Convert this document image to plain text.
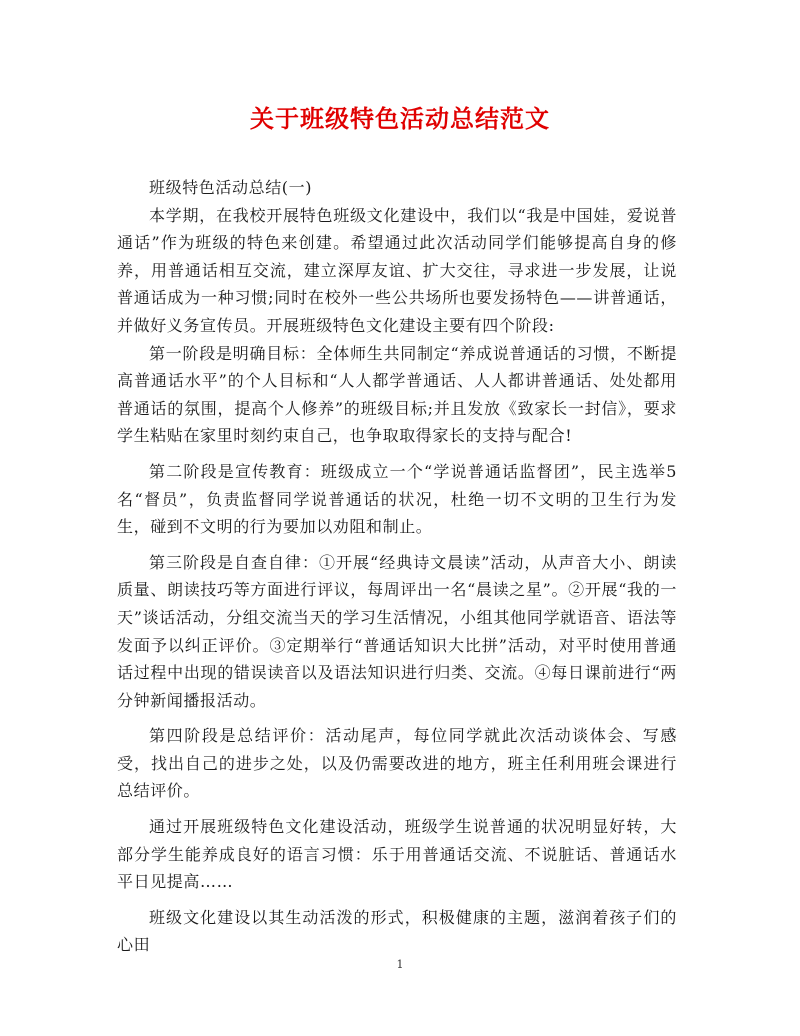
关于班级特色活动总结范文

班级特色活动总结(一)

本学期，在我校开展特色班级文化建设中，我们以“我是中国娃，爱说普通话”作为班级的特色来创建。希望通过此次活动同学们能够提高自身的修养，用普通话相互交流，建立深厚友谊、扩大交往，寻求进一步发展，让说普通话成为一种习惯;同时在校外一些公共场所也要发扬特色——讲普通话，并做好义务宣传员。开展班级特色文化建设主要有四个阶段:

第一阶段是明确目标：全体师生共同制定“养成说普通话的习惯，不断提高普通话水平”的个人目标和“人人都学普通话、人人都讲普通话、处处都用普通话的氛围，提高个人修养”的班级目标;并且发放《致家长一封信》，要求学生粘贴在家里时刻约束自己，也争取取得家长的支持与配合!

第二阶段是宣传教育：班级成立一个“学说普通话监督团”，民主选举5名“督员”，负责监督同学说普通话的状况，杜绝一切不文明的卫生行为发生，碰到不文明的行为要加以劝阻和制止。

第三阶段是自查自律：①开展“经典诗文晨读”活动，从声音大小、朗读质量、朗读技巧等方面进行评议，每周评出一名“晨读之星”。②开展“我的一天”谈话活动，分组交流当天的学习生活情况，小组其他同学就语音、语法等发面予以纠正评价。③定期举行“普通话知识大比拼”活动，对平时使用普通话过程中出现的错误读音以及语法知识进行归类、交流。④每日课前进行“两分钟新闻播报活动。

第四阶段是总结评价：活动尾声，每位同学就此次活动谈体会、写感受，找出自己的进步之处，以及仍需要改进的地方，班主任利用班会课进行总结评价。

通过开展班级特色文化建设活动，班级学生说普通的状况明显好转，大部分学生能养成良好的语言习惯：乐于用普通话交流、不说脏话、普通话水平日见提高……

班级文化建设以其生动活泼的形式，积极健康的主题，滋润着孩子们的心田

1
